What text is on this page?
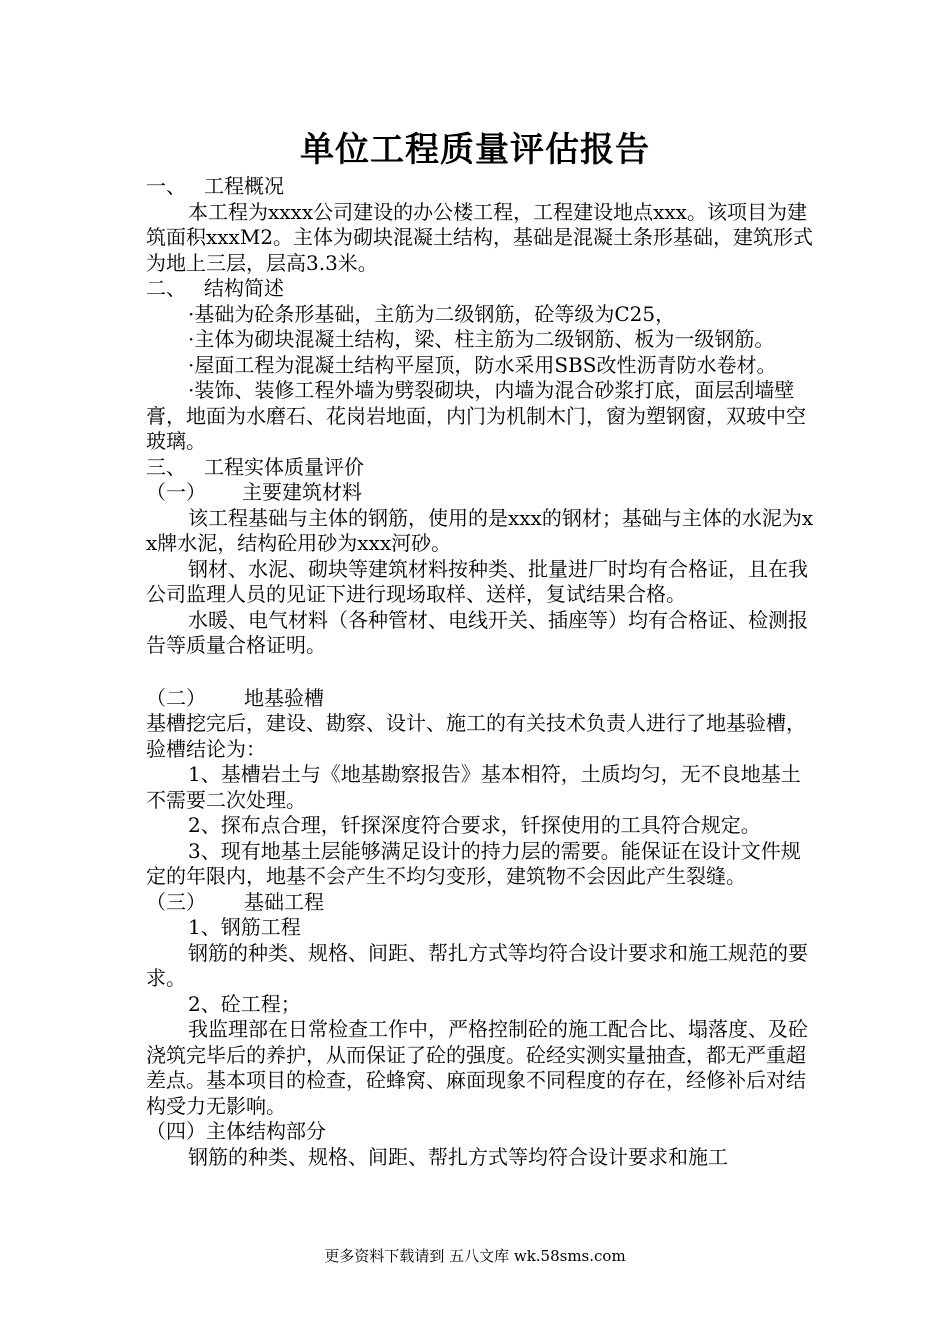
单位工程质量评估报告

一、 工程概况

本工程为xxxx公司建设的办公楼工程，工程建设地点xxx。该项目为建筑面积xxxM2。主体为砌块混凝土结构，基础是混凝土条形基础，建筑形式为地上三层，层高3.3米。

二、 结构简述

·基础为砼条形基础，主筋为二级钢筋，砼等级为C25，

·主体为砌块混凝土结构，梁、柱主筋为二级钢筋、板为一级钢筋。

·屋面工程为混凝土结构平屋顶，防水采用SBS改性沥青防水卷材。

·装饰、装修工程外墙为劈裂砌块，内墙为混合砂浆打底，面层刮墙壁膏，地面为水磨石、花岗岩地面，内门为机制木门，窗为塑钢窗，双玻中空玻璃。

三、 工程实体质量评价

（一） 主要建筑材料

该工程基础与主体的钢筋，使用的是xxx的钢材；基础与主体的水泥为xx牌水泥，结构砼用砂为xxx河砂。

钢材、水泥、砌块等建筑材料按种类、批量进厂时均有合格证，且在我公司监理人员的见证下进行现场取样、送样，复试结果合格。

水暖、电气材料（各种管材、电线开关、插座等）均有合格证、检测报告等质量合格证明。

（二） 地基验槽

基槽挖完后，建设、勘察、设计、施工的有关技术负责人进行了地基验槽，验槽结论为：

1、基槽岩土与《地基勘察报告》基本相符，土质均匀，无不良地基土不需要二次处理。

2、探布点合理，钎探深度符合要求，钎探使用的工具符合规定。

3、现有地基土层能够满足设计的持力层的需要。能保证在设计文件规定的年限内，地基不会产生不均匀变形，建筑物不会因此产生裂缝。

（三） 基础工程

1、钢筋工程

钢筋的种类、规格、间距、帮扎方式等均符合设计要求和施工规范的要求。

2、砼工程；

我监理部在日常检查工作中，严格控制砼的施工配合比、塌落度、及砼浇筑完毕后的养护，从而保证了砼的强度。砼经实测实量抽查，都无严重超差点。基本项目的检查，砼蜂窝、麻面现象不同程度的存在，经修补后对结构受力无影响。

（四）主体结构部分

钢筋的种类、规格、间距、帮扎方式等均符合设计要求和施工

更多资料下载请到 五八文库 wk.58sms.com
